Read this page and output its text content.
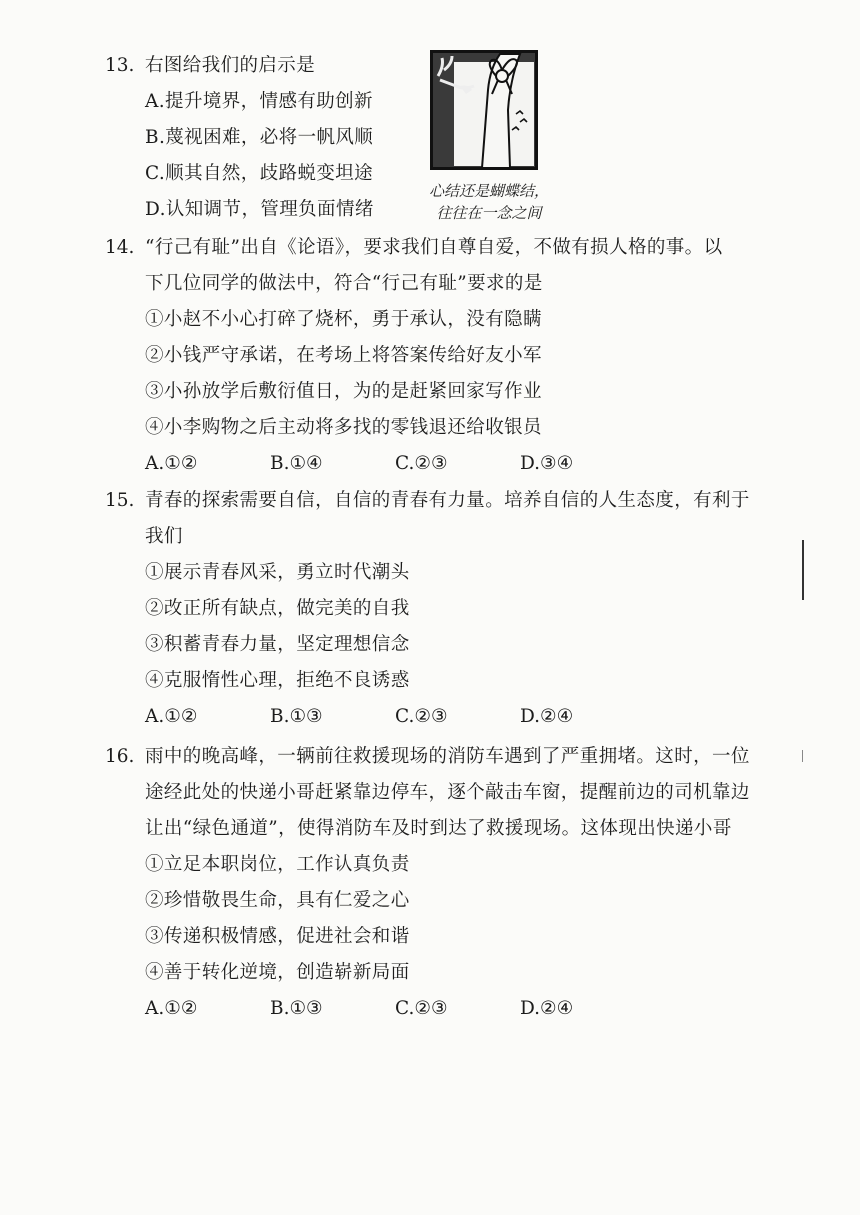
13. 右图给我们的启示是
A.提升境界，情感有助创新
B.蔑视困难，必将一帆风顺
C.顺其自然，歧路蜕变坦途
D.认知调节，管理负面情绪
心结还是蝴蝶结，
往往在一念之间
14. “行己有耻”出自《论语》，要求我们自尊自爱，不做有损人格的事。以
下几位同学的做法中，符合“行己有耻”要求的是
①小赵不小心打碎了烧杯，勇于承认，没有隐瞒
②小钱严守承诺，在考场上将答案传给好友小军
③小孙放学后敷衍值日，为的是赶紧回家写作业
④小李购物之后主动将多找的零钱退还给收银员
A.①②	B.①④	C.②③	D.③④
15. 青春的探索需要自信，自信的青春有力量。培养自信的人生态度，有利于
我们
①展示青春风采，勇立时代潮头
②改正所有缺点，做完美的自我
③积蓄青春力量，坚定理想信念
④克服惰性心理，拒绝不良诱惑
A.①②	B.①③	C.②③	D.②④
16. 雨中的晚高峰，一辆前往救援现场的消防车遇到了严重拥堵。这时，一位
途经此处的快递小哥赶紧靠边停车，逐个敲击车窗，提醒前边的司机靠边
让出“绿色通道”，使得消防车及时到达了救援现场。这体现出快递小哥
①立足本职岗位，工作认真负责
②珍惜敬畏生命，具有仁爱之心
③传递积极情感，促进社会和谐
④善于转化逆境，创造崭新局面
A.①②	B.①③	C.②③	D.②④
